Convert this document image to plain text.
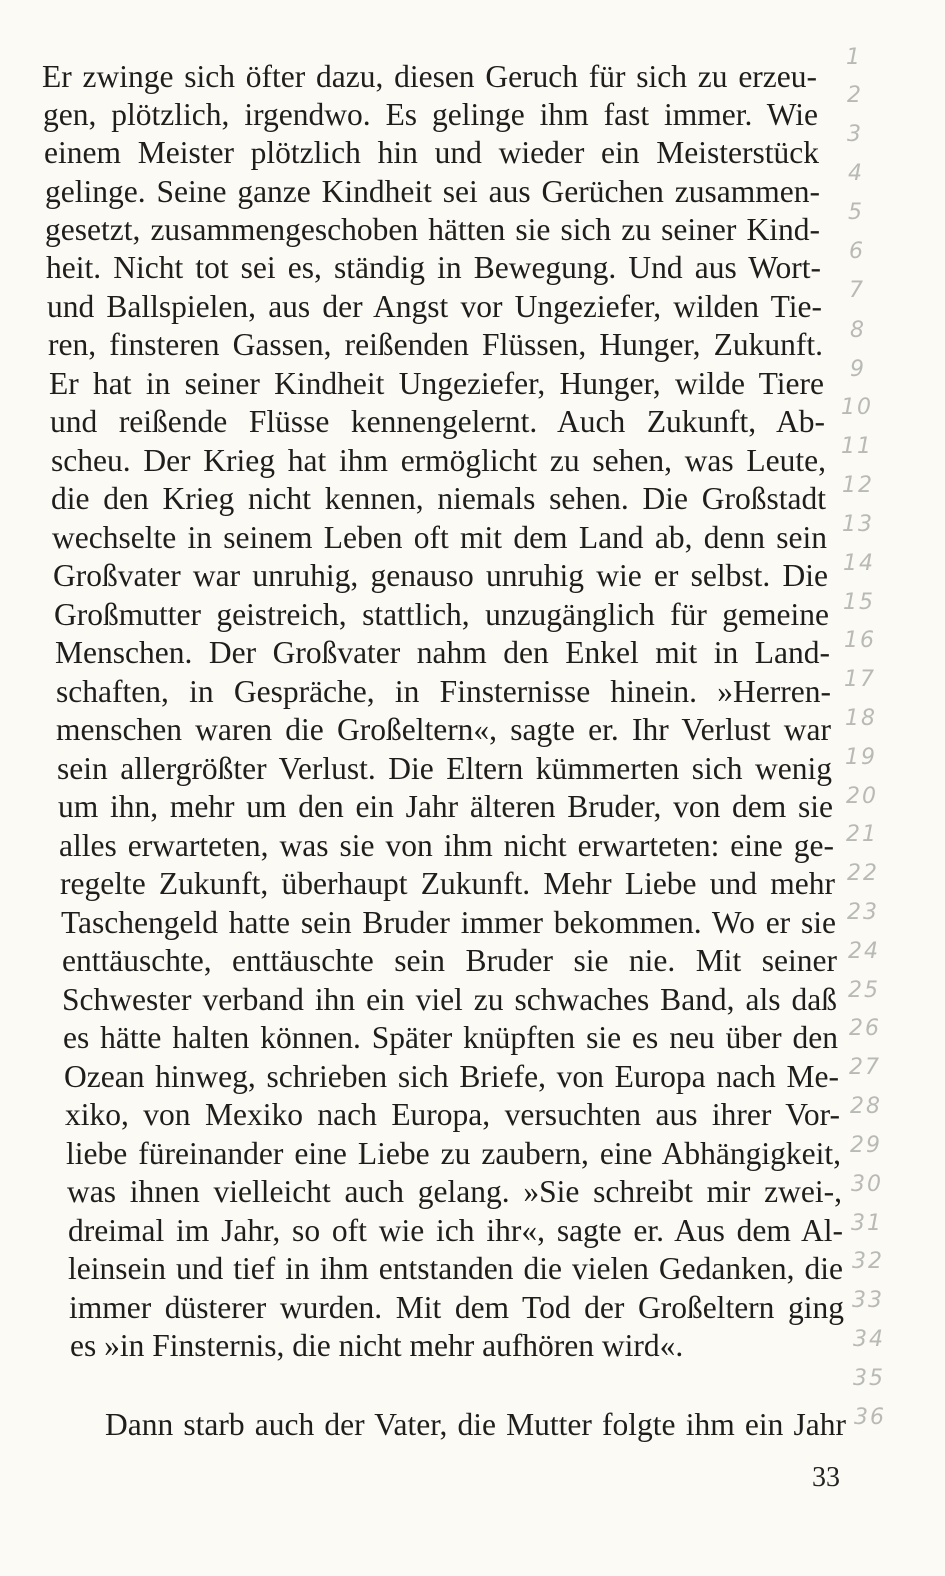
Er zwinge sich öfter dazu, diesen Geruch für sich zu erzeu-
gen, plötzlich, irgendwo. Es gelinge ihm fast immer. Wie
einem Meister plötzlich hin und wieder ein Meisterstück
gelinge. Seine ganze Kindheit sei aus Gerüchen zusammen-
gesetzt, zusammengeschoben hätten sie sich zu seiner Kind-
heit. Nicht tot sei es, ständig in Bewegung. Und aus Wort-
und Ballspielen, aus der Angst vor Ungeziefer, wilden Tie-
ren, finsteren Gassen, reißenden Flüssen, Hunger, Zukunft.
Er hat in seiner Kindheit Ungeziefer, Hunger, wilde Tiere
und reißende Flüsse kennengelernt. Auch Zukunft, Ab-
scheu. Der Krieg hat ihm ermöglicht zu sehen, was Leute,
die den Krieg nicht kennen, niemals sehen. Die Großstadt
wechselte in seinem Leben oft mit dem Land ab, denn sein
Großvater war unruhig, genauso unruhig wie er selbst. Die
Großmutter geistreich, stattlich, unzugänglich für gemeine
Menschen. Der Großvater nahm den Enkel mit in Land-
schaften, in Gespräche, in Finsternisse hinein. »Herren-
menschen waren die Großeltern«, sagte er. Ihr Verlust war
sein allergrößter Verlust. Die Eltern kümmerten sich wenig
um ihn, mehr um den ein Jahr älteren Bruder, von dem sie
alles erwarteten, was sie von ihm nicht erwarteten: eine ge-
regelte Zukunft, überhaupt Zukunft. Mehr Liebe und mehr
Taschengeld hatte sein Bruder immer bekommen. Wo er sie
enttäuschte, enttäuschte sein Bruder sie nie. Mit seiner
Schwester verband ihn ein viel zu schwaches Band, als daß
es hätte halten können. Später knüpften sie es neu über den
Ozean hinweg, schrieben sich Briefe, von Europa nach Me-
xiko, von Mexiko nach Europa, versuchten aus ihrer Vor-
liebe füreinander eine Liebe zu zaubern, eine Abhängigkeit,
was ihnen vielleicht auch gelang. »Sie schreibt mir zwei-,
dreimal im Jahr, so oft wie ich ihr«, sagte er. Aus dem Al-
leinsein und tief in ihm entstanden die vielen Gedanken, die
immer düsterer wurden. Mit dem Tod der Großeltern ging
es »in Finsternis, die nicht mehr aufhören wird«.
Dann starb auch der Vater, die Mutter folgte ihm ein Jahr
1
2
3
4
5
6
7
8
9
10
11
12
13
14
15
16
17
18
19
20
21
22
23
24
25
26
27
28
29
30
31
32
33
34
35
36
33
